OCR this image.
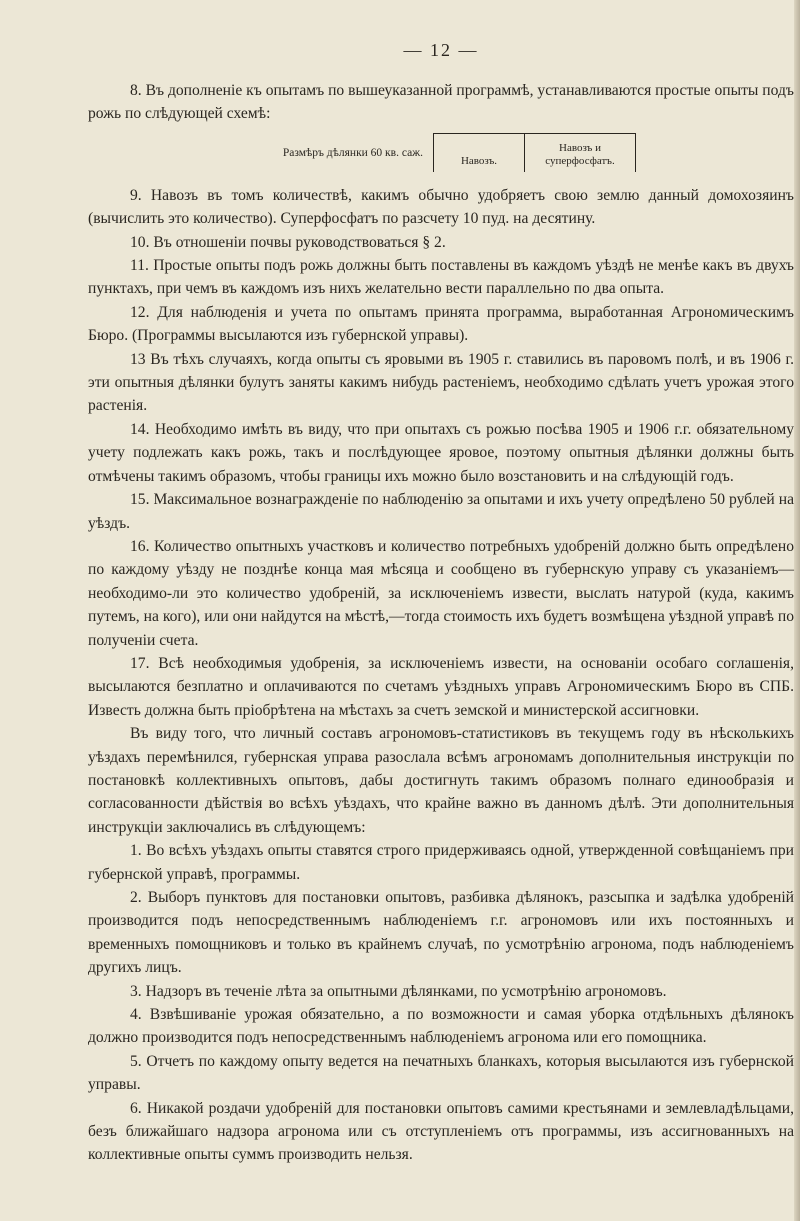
— 12 —

8. Въ дополненіе къ опытамъ по вышеуказанной программѣ, устанавливаются простые опыты подъ рожь по слѣдующей схемѣ:

Размѣръ дѣлянки 60 кв. саж.
Навозъ.
Навозъ и суперфосфатъ.

9. Навозъ въ томъ количествѣ, какимъ обычно удобряетъ свою землю данный домохозяинъ (вычислить это количество). Суперфосфатъ по разсчету 10 пуд. на десятину.

10. Въ отношеніи почвы руководствоваться § 2.

11. Простые опыты подъ рожь должны быть поставлены въ каждомъ уѣздѣ не менѣе какъ въ двухъ пунктахъ, при чемъ въ каждомъ изъ нихъ желательно вести параллельно по два опыта.

12. Для наблюденія и учета по опытамъ принята программа, выработанная Агрономическимъ Бюро. (Программы высылаются изъ губернской управы).

13 Въ тѣхъ случаяхъ, когда опыты съ яровыми въ 1905 г. ставились въ паровомъ полѣ, и въ 1906 г. эти опытныя дѣлянки булутъ заняты какимъ нибудь растеніемъ, необходимо сдѣлать учетъ урожая этого растенія.

14. Необходимо имѣть въ виду, что при опытахъ съ рожью посѣва 1905 и 1906 г.г. обязательному учету подлежать какъ рожь, такъ и послѣдующее яровое, поэтому опытныя дѣлянки должны быть отмѣчены такимъ образомъ, чтобы границы ихъ можно было возстановить и на слѣдующій годъ.

15. Максимальное вознагражденіе по наблюденію за опытами и ихъ учету опредѣлено 50 рублей на уѣздъ.

16. Количество опытныхъ участковъ и количество потребныхъ удобреній должно быть опредѣлено по каждому уѣзду не позднѣе конца мая мѣсяца и сообщено въ губернскую управу съ указаніемъ—необходимо-ли это количество удобреній, за исключеніемъ извести, выслать натурой (куда, какимъ путемъ, на кого), или они найдутся на мѣстѣ,—тогда стоимость ихъ будетъ возмѣщена уѣздной управѣ по полученіи счета.

17. Всѣ необходимыя удобренія, за исключеніемъ извести, на основаніи особаго соглашенія, высылаются безплатно и оплачиваются по счетамъ уѣздныхъ управъ Агрономическимъ Бюро въ СПБ. Известь должна быть пріобрѣтена на мѣстахъ за счетъ земской и министерской ассигновки.

Въ виду того, что личный составъ агрономовъ-статистиковъ въ текущемъ году въ нѣсколькихъ уѣздахъ перемѣнился, губернская управа разослала всѣмъ агрономамъ дополнительныя инструкціи по постановкѣ коллективныхъ опытовъ, дабы достигнуть такимъ образомъ полнаго единообразія и согласованности дѣйствія во всѣхъ уѣздахъ, что крайне важно въ данномъ дѣлѣ. Эти дополнительныя инструкціи заключались въ слѣдующемъ:

1. Во всѣхъ уѣздахъ опыты ставятся строго придерживаясь одной, утвержденной совѣщаніемъ при губернской управѣ, программы.

2. Выборъ пунктовъ для постановки опытовъ, разбивка дѣлянокъ, разсыпка и задѣлка удобреній производится подъ непосредственнымъ наблюденіемъ г.г. агрономовъ или ихъ постоянныхъ и временныхъ помощниковъ и только въ крайнемъ случаѣ, по усмотрѣнію агронома, подъ наблюденіемъ другихъ лицъ.

3. Надзоръ въ теченіе лѣта за опытными дѣлянками, по усмотрѣнію агрономовъ.

4. Взвѣшиваніе урожая обязательно, а по возможности и самая уборка отдѣльныхъ дѣлянокъ должно производится подъ непосредственнымъ наблюденіемъ агронома или его помощника.

5. Отчетъ по каждому опыту ведется на печатныхъ бланкахъ, которыя высылаются изъ губернской управы.

6. Никакой роздачи удобреній для постановки опытовъ самими крестьянами и землевладѣльцами, безъ ближайшаго надзора агронома или съ отступленіемъ отъ программы, изъ ассигнованныхъ на коллективные опыты суммъ производить нельзя.
